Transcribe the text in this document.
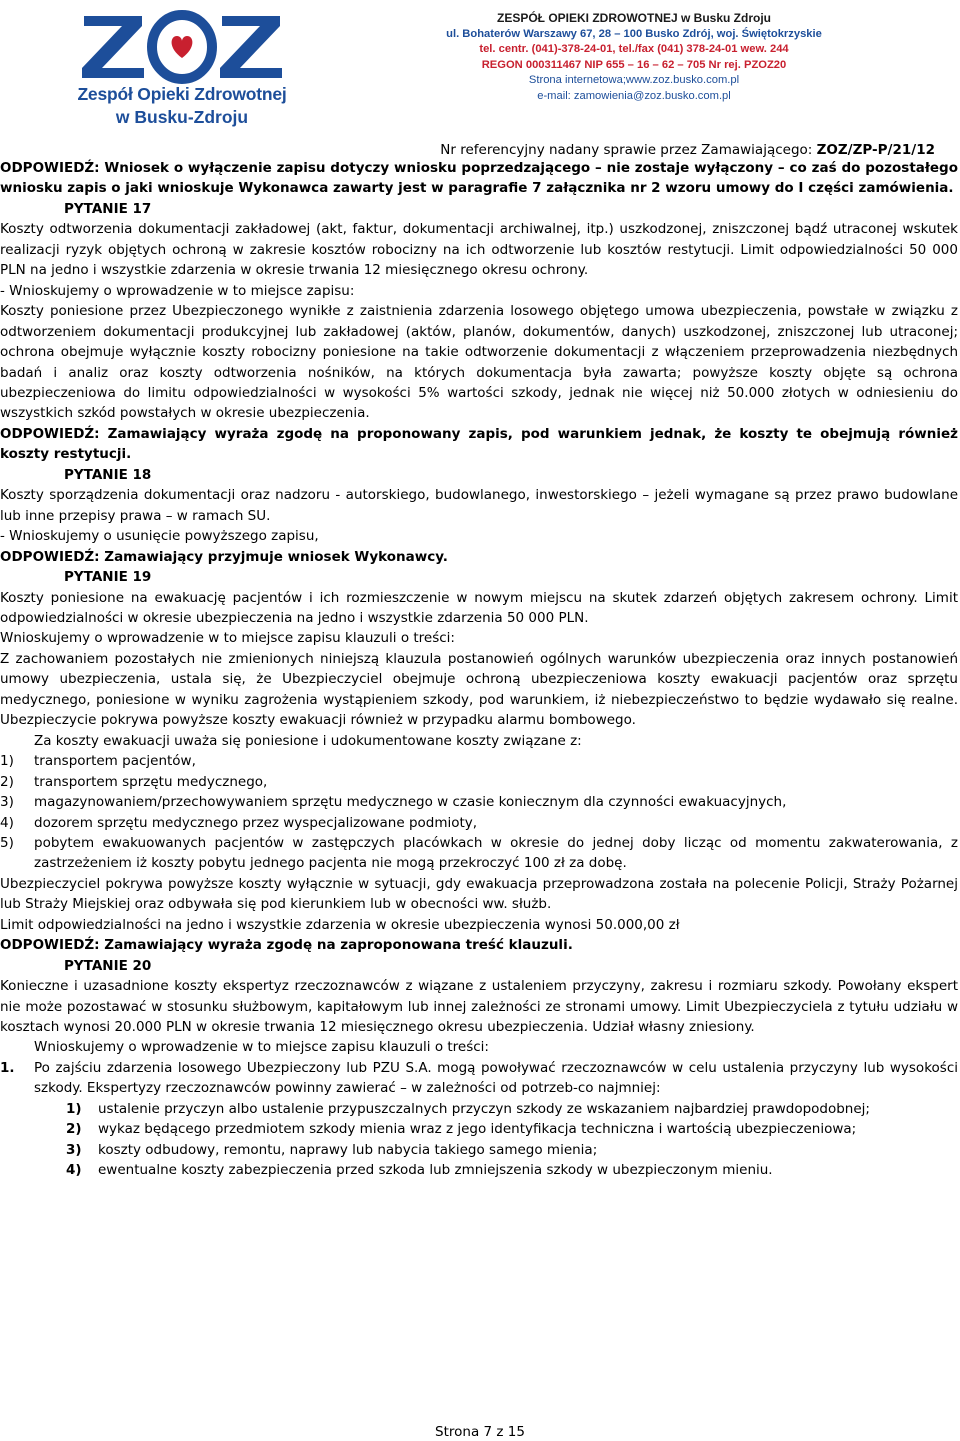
Zespół Opieki Zdrowotnej
w Busku-Zdroju
ZESPÓŁ OPIEKI ZDROWOTNEJ w Busku Zdroju
ul. Bohaterów Warszawy 67, 28 – 100 Busko Zdrój, woj. Świętokrzyskie
tel. centr. (041)-378-24-01, tel./fax (041) 378-24-01 wew. 244
REGON 000311467 NIP 655 – 16 – 62 – 705 Nr rej. PZOZ20
Strona internetowa;www.zoz.busko.com.pl
e-mail: zamowienia@zoz.busko.com.pl
Nr referencyjny nadany sprawie przez Zamawiającego: ZOZ/ZP-P/21/12

ODPOWIEDŹ: Wniosek o wyłączenie zapisu dotyczy wniosku poprzedzającego – nie zostaje wyłączony – co zaś do pozostałego wniosku zapis o jaki wnioskuje Wykonawca zawarty jest w paragrafie 7 załącznika nr 2 wzoru umowy do I części zamówienia.

PYTANIE 17

Koszty odtworzenia dokumentacji zakładowej (akt, faktur, dokumentacji archiwalnej, itp.) uszkodzonej, zniszczonej bądź utraconej wskutek realizacji ryzyk objętych ochroną w zakresie kosztów robocizny na ich odtworzenie lub kosztów restytucji. Limit odpowiedzialności 50 000 PLN na jedno i wszystkie zdarzenia w okresie trwania 12 miesięcznego okresu ochrony.

- Wnioskujemy o wprowadzenie w to miejsce zapisu:

Koszty poniesione przez Ubezpieczonego wynikłe z zaistnienia zdarzenia losowego objętego umowa ubezpieczenia, powstałe w związku z odtworzeniem dokumentacji produkcyjnej lub zakładowej (aktów, planów, dokumentów, danych) uszkodzonej, zniszczonej lub utraconej; ochrona obejmuje wyłącznie koszty robocizny poniesione na takie odtworzenie dokumentacji z włączeniem przeprowadzenia niezbędnych badań i analiz oraz koszty odtworzenia nośników, na których dokumentacja była zawarta; powyższe koszty objęte są ochrona ubezpieczeniowa do limitu odpowiedzialności w wysokości 5% wartości szkody, jednak nie więcej niż 50.000 złotych w odniesieniu do wszystkich szkód powstałych w okresie ubezpieczenia.

ODPOWIEDŹ: Zamawiający wyraża zgodę na proponowany zapis, pod warunkiem jednak, że koszty te obejmują również koszty restytucji.

PYTANIE 18

Koszty sporządzenia dokumentacji oraz nadzoru - autorskiego, budowlanego, inwestorskiego – jeżeli wymagane są przez prawo budowlane lub inne przepisy prawa – w ramach SU.

- Wnioskujemy o usunięcie powyższego zapisu,

ODPOWIEDŹ: Zamawiający przyjmuje wniosek Wykonawcy.

PYTANIE 19

Koszty poniesione na ewakuację pacjentów i ich rozmieszczenie w nowym miejscu na skutek zdarzeń objętych zakresem ochrony. Limit odpowiedzialności w okresie ubezpieczenia na jedno i wszystkie zdarzenia 50 000 PLN.

Wnioskujemy o wprowadzenie w to miejsce zapisu klauzuli o treści:

Z zachowaniem pozostałych nie zmienionych niniejszą klauzula postanowień ogólnych warunków ubezpieczenia oraz innych postanowień umowy ubezpieczenia, ustala się, że Ubezpieczyciel obejmuje ochroną ubezpieczeniowa koszty ewakuacji pacjentów oraz sprzętu medycznego, poniesione w wyniku zagrożenia wystąpieniem szkody, pod warunkiem, iż niebezpieczeństwo to będzie wydawało się realne. Ubezpieczycie pokrywa powyższe koszty ewakuacji również w przypadku alarmu bombowego.

Za koszty ewakuacji uważa się poniesione i udokumentowane koszty związane z:

1)	transportem pacjentów,
2)	transportem sprzętu medycznego,
3)	magazynowaniem/przechowywaniem sprzętu medycznego w czasie koniecznym dla czynności ewakuacyjnych,
4)	dozorem sprzętu medycznego przez wyspecjalizowane podmioty,
5)	pobytem ewakuowanych pacjentów w zastępczych placówkach w okresie do jednej doby licząc od momentu zakwaterowania, z zastrzeżeniem iż koszty pobytu jednego pacjenta nie mogą przekroczyć 100 zł za dobę.

Ubezpieczyciel pokrywa powyższe koszty wyłącznie w sytuacji, gdy ewakuacja przeprowadzona została na polecenie Policji, Straży Pożarnej lub Straży Miejskiej oraz odbywała się pod kierunkiem lub w obecności ww. służb.

Limit odpowiedzialności na jedno i wszystkie zdarzenia w okresie ubezpieczenia wynosi 50.000,00 zł

ODPOWIEDŹ: Zamawiający wyraża zgodę na zaproponowana treść klauzuli.

PYTANIE 20

Konieczne i uzasadnione koszty ekspertyz rzeczoznawców z wiązane z ustaleniem przyczyny, zakresu i rozmiaru szkody. Powołany ekspert nie może pozostawać w stosunku służbowym, kapitałowym lub innej zależności ze stronami umowy. Limit Ubezpieczyciela z tytułu udziału w kosztach wynosi 20.000 PLN w okresie trwania 12 miesięcznego okresu ubezpieczenia. Udział własny zniesiony.

Wnioskujemy o wprowadzenie w to miejsce zapisu klauzuli o treści:

1.	Po zajściu zdarzenia losowego Ubezpieczony lub PZU S.A. mogą powoływać rzeczoznawców w celu ustalenia przyczyny lub wysokości szkody. Ekspertyzy rzeczoznawców powinny zawierać – w zależności od potrzeb-co najmniej:
1)	ustalenie przyczyn albo ustalenie przypuszczalnych przyczyn szkody ze wskazaniem najbardziej prawdopodobnej;
2)	wykaz będącego przedmiotem szkody mienia wraz z jego identyfikacja techniczna i wartością ubezpieczeniowa;
3)	koszty odbudowy, remontu, naprawy lub nabycia takiego samego mienia;
4)	ewentualne koszty zabezpieczenia przed szkoda lub zmniejszenia szkody w ubezpieczonym mieniu.
Strona 7 z 15
